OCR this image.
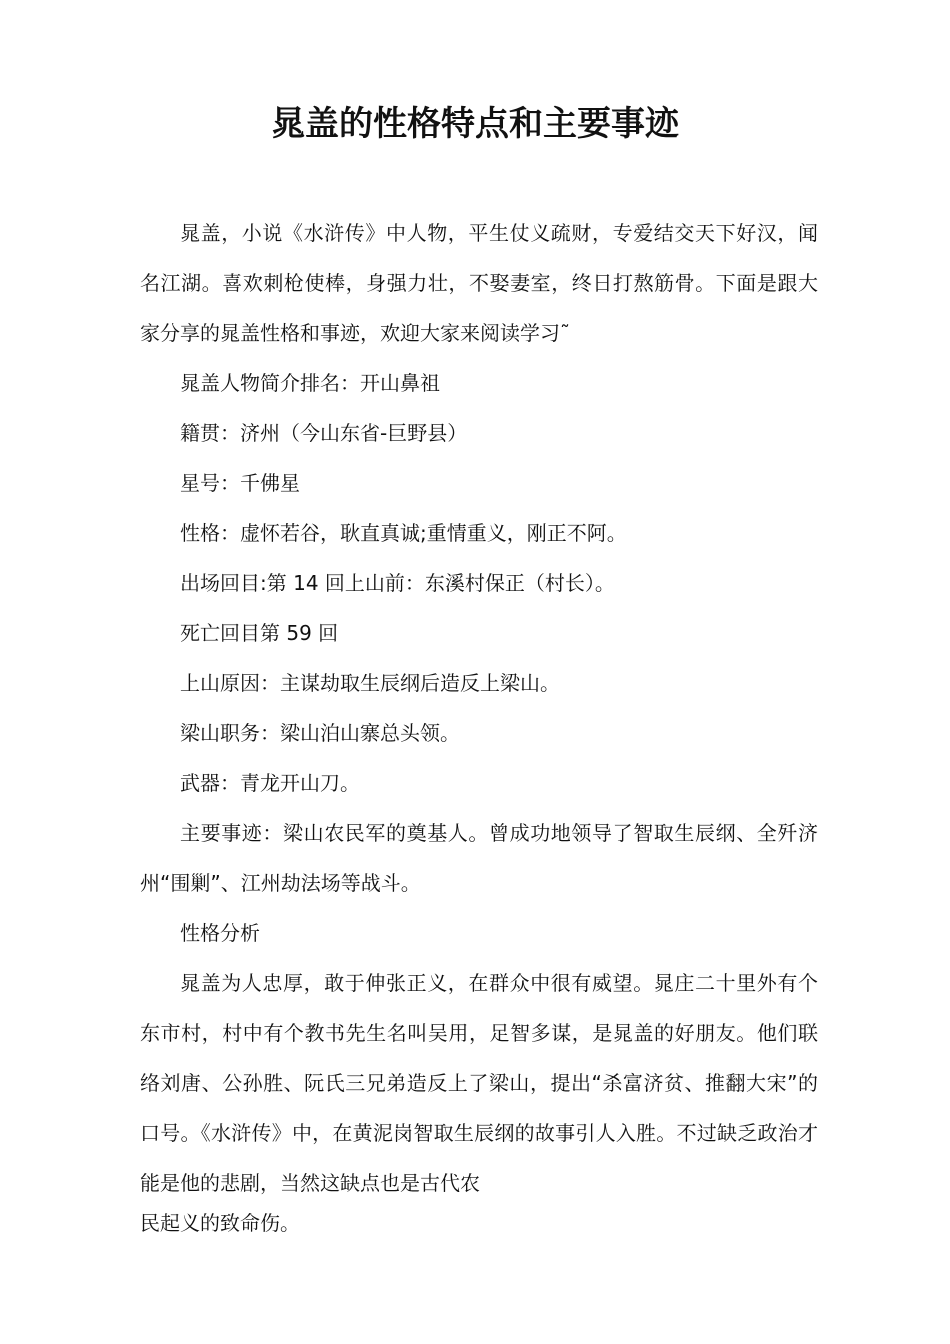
晁盖的性格特点和主要事迹

晁盖，小说《水浒传》中人物，平生仗义疏财，专爱结交天下好汉，闻名江湖。喜欢刺枪使棒，身强力壮，不娶妻室，终日打熬筋骨。下面是跟大家分享的晁盖性格和事迹，欢迎大家来阅读学习˜

晁盖人物简介排名：开山鼻祖

籍贯：济州（今山东省-巨野县）

星号：千佛星

性格：虚怀若谷，耿直真诚;重情重义，刚正不阿。

出场回目:第 14 回上山前：东溪村保正（村长）。

死亡回目第 59 回

上山原因：主谋劫取生辰纲后造反上梁山。

梁山职务：梁山泊山寨总头领。

武器：青龙开山刀。

主要事迹：梁山农民军的奠基人。曾成功地领导了智取生辰纲、全歼济州“围剿”、江州劫法场等战斗。

性格分析

晁盖为人忠厚，敢于伸张正义，在群众中很有威望。晁庄二十里外有个东市村，村中有个教书先生名叫吴用，足智多谋，是晁盖的好朋友。他们联络刘唐、公孙胜、阮氏三兄弟造反上了梁山，提出“杀富济贫、推翻大宋”的口号。《水浒传》中，在黄泥岗智取生辰纲的故事引人入胜。不过缺乏政治才能是他的悲剧，当然这缺点也是古代农

民起义的致命伤。
